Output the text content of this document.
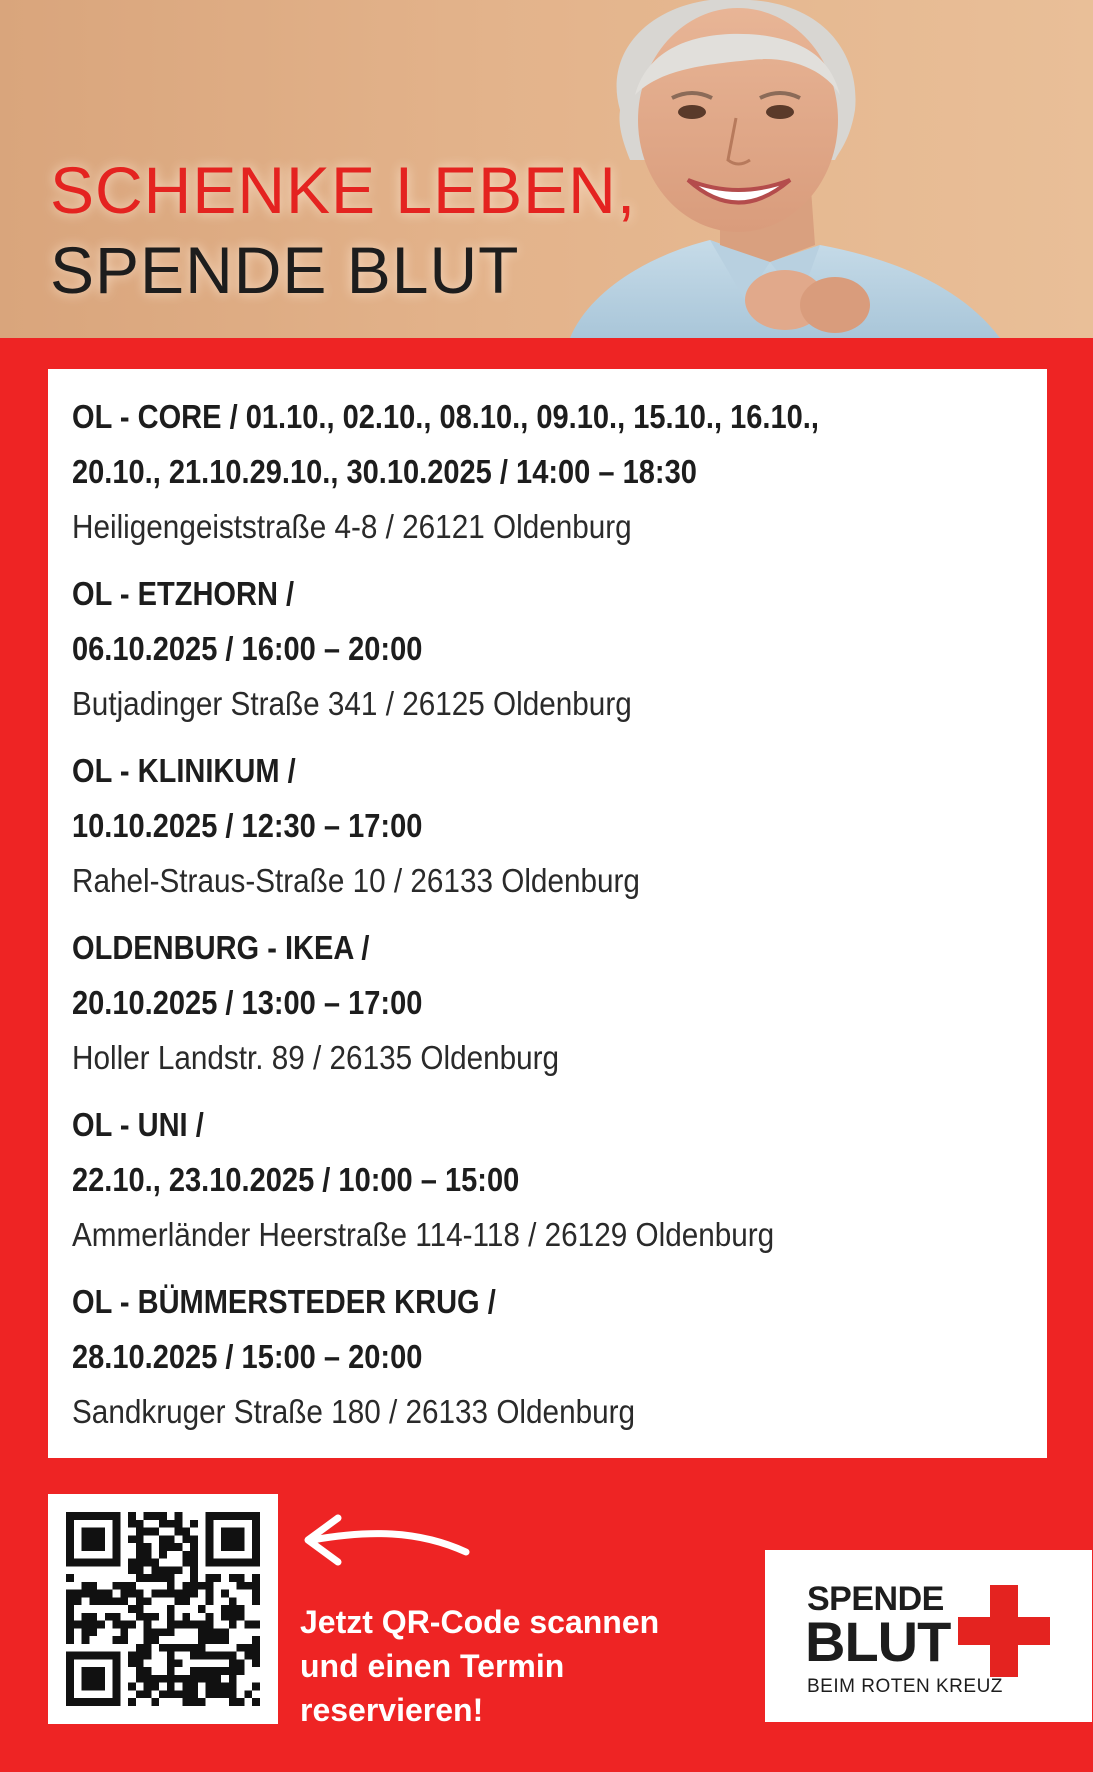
SCHENKE LEBEN,
SPENDE BLUT
OL - CORE / 01.10., 02.10., 08.10., 09.10., 15.10., 16.10.,
20.10., 21.10.29.10., 30.10.2025 / 14:00 – 18:30
Heiligengeiststraße 4-8 / 26121 Oldenburg
OL - ETZHORN /
06.10.2025 / 16:00 – 20:00
Butjadinger Straße 341 / 26125 Oldenburg
OL - KLINIKUM /
10.10.2025 / 12:30 – 17:00
Rahel-Straus-Straße 10 / 26133 Oldenburg
OLDENBURG - IKEA /
20.10.2025 / 13:00 – 17:00
Holler Landstr. 89 / 26135 Oldenburg
OL - UNI /
22.10., 23.10.2025 / 10:00 – 15:00
Ammerländer Heerstraße 114-118 / 26129 Oldenburg
OL - BÜMMERSTEDER KRUG /
28.10.2025 / 15:00 – 20:00
Sandkruger Straße 180 / 26133 Oldenburg
Jetzt QR-Code scannen
und einen Termin
reservieren!
SPENDE
BLUT
BEIM ROTEN KREUZ
